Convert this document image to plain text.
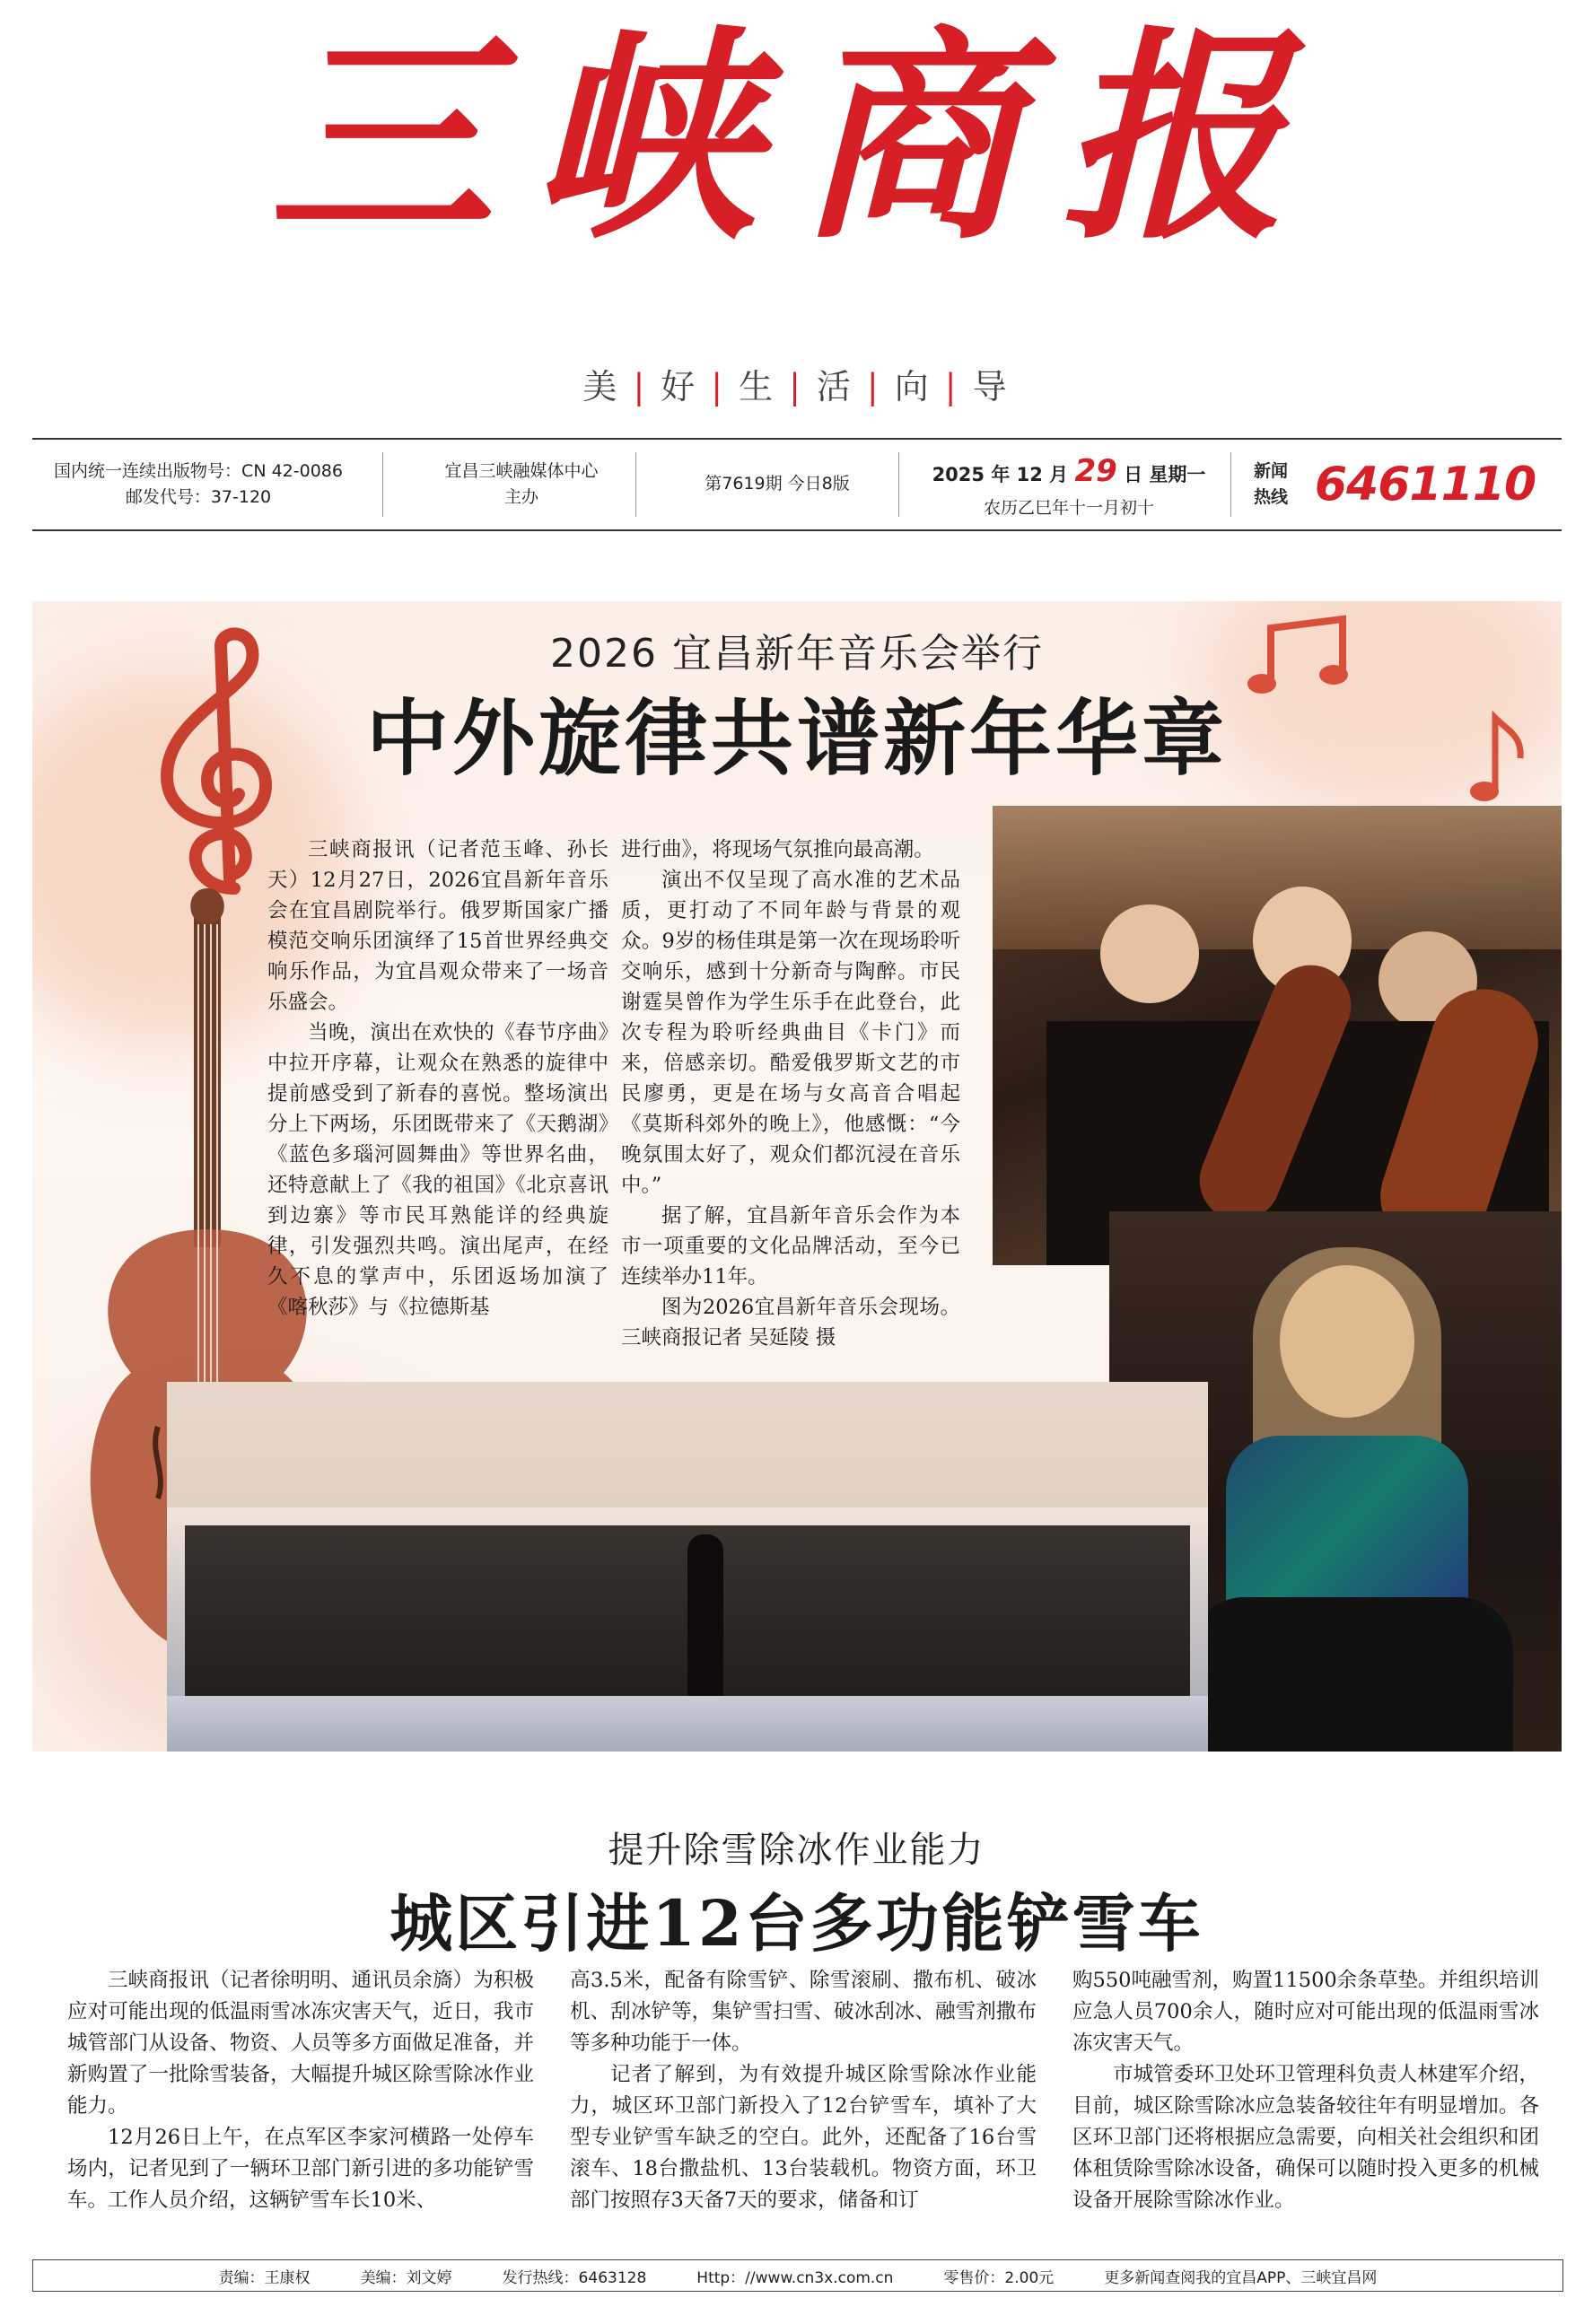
三峡商报
美 | 好 | 生 | 活 | 向 | 导
国内统一连续出版物号：CN 42-0086
邮发代号：37-120
宜昌三峡融媒体中心
主办
第7619期 今日8版	2025 年 12 月 29 日 星期一
农历乙巳年十一月初十
新闻
热线 6461110
2026 宜昌新年音乐会举行
中外旋律共谱新年华章

三峡商报讯（记者范玉峰、孙长天）12月27日，2026宜昌新年音乐会在宜昌剧院举行。俄罗斯国家广播模范交响乐团演绎了15首世界经典交响乐作品，为宜昌观众带来了一场音乐盛会。

当晚，演出在欢快的《春节序曲》中拉开序幕，让观众在熟悉的旋律中提前感受到了新春的喜悦。整场演出分上下两场，乐团既带来了《天鹅湖》《蓝色多瑙河圆舞曲》等世界名曲，还特意献上了《我的祖国》《北京喜讯到边寨》等市民耳熟能详的经典旋律，引发强烈共鸣。演出尾声，在经久不息的掌声中，乐团返场加演了《喀秋莎》与《拉德斯基

进行曲》，将现场气氛推向最高潮。

演出不仅呈现了高水准的艺术品质，更打动了不同年龄与背景的观众。9岁的杨佳琪是第一次在现场聆听交响乐，感到十分新奇与陶醉。市民谢霆昊曾作为学生乐手在此登台，此次专程为聆听经典曲目《卡门》而来，倍感亲切。酷爱俄罗斯文艺的市民廖勇，更是在场与女高音合唱起《莫斯科郊外的晚上》，他感慨：“今晚氛围太好了，观众们都沉浸在音乐中。”

据了解，宜昌新年音乐会作为本市一项重要的文化品牌活动，至今已连续举办11年。

图为2026宜昌新年音乐会现场。三峡商报记者 吴延陵 摄

提升除雪除冰作业能力
城区引进12台多功能铲雪车

三峡商报讯（记者徐明明、通讯员余旖）为积极应对可能出现的低温雨雪冰冻灾害天气，近日，我市城管部门从设备、物资、人员等多方面做足准备，并新购置了一批除雪装备，大幅提升城区除雪除冰作业能力。

12月26日上午，在点军区李家河横路一处停车场内，记者见到了一辆环卫部门新引进的多功能铲雪车。工作人员介绍，这辆铲雪车长10米、

高3.5米，配备有除雪铲、除雪滚刷、撒布机、破冰机、刮冰铲等，集铲雪扫雪、破冰刮冰、融雪剂撒布等多种功能于一体。

记者了解到，为有效提升城区除雪除冰作业能力，城区环卫部门新投入了12台铲雪车，填补了大型专业铲雪车缺乏的空白。此外，还配备了16台雪滚车、18台撒盐机、13台装载机。物资方面，环卫部门按照存3天备7天的要求，储备和订

购550吨融雪剂，购置11500余条草垫。并组织培训应急人员700余人，随时应对可能出现的低温雨雪冰冻灾害天气。

市城管委环卫处环卫管理科负责人林建军介绍，目前，城区除雪除冰应急装备较往年有明显增加。各区环卫部门还将根据应急需要，向相关社会组织和团体租赁除雪除冰设备，确保可以随时投入更多的机械设备开展除雪除冰作业。

责编：王康权	美编：刘文婷	发行热线：6463128	Http：//www.cn3x.com.cn	零售价：2.00元	更多新闻查阅我的宜昌APP、三峡宜昌网
